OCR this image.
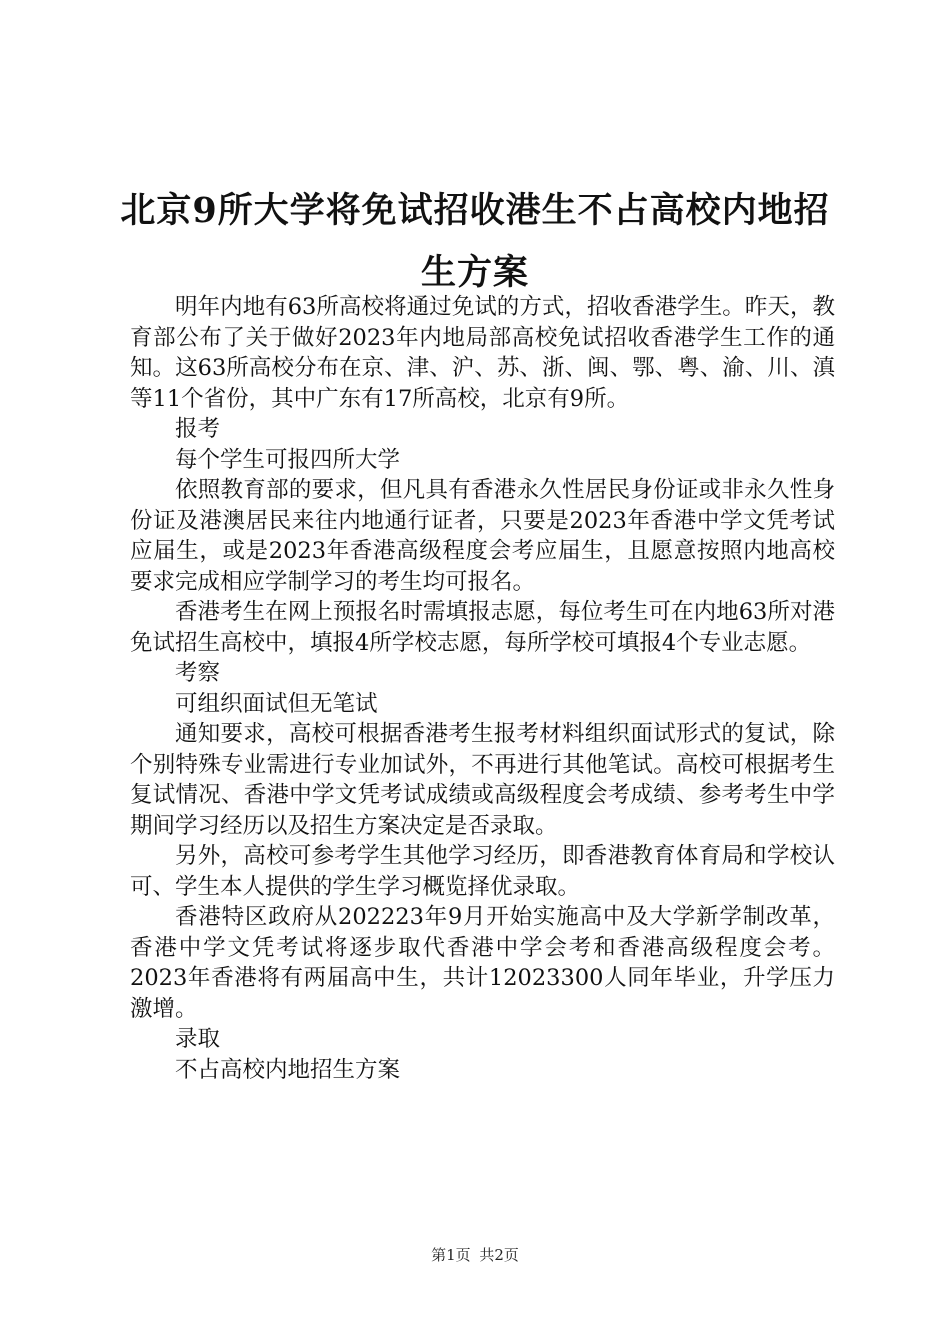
北京9所大学将免试招收港生不占高校内地招
生方案

明年内地有63所高校将通过免试的方式，招收香港学生。昨天，教育部公布了关于做好2023年内地局部高校免试招收香港学生工作的通知。这63所高校分布在京、津、沪、苏、浙、闽、鄂、粤、渝、川、滇等11个省份，其中广东有17所高校，北京有9所。

报考

每个学生可报四所大学

依照教育部的要求，但凡具有香港永久性居民身份证或非永久性身份证及港澳居民来往内地通行证者，只要是2023年香港中学文凭考试应届生，或是2023年香港高级程度会考应届生，且愿意按照内地高校要求完成相应学制学习的考生均可报名。

香港考生在网上预报名时需填报志愿，每位考生可在内地63所对港免试招生高校中，填报4所学校志愿，每所学校可填报4个专业志愿。

考察

可组织面试但无笔试

通知要求，高校可根据香港考生报考材料组织面试形式的复试，除个别特殊专业需进行专业加试外，不再进行其他笔试。高校可根据考生复试情况、香港中学文凭考试成绩或高级程度会考成绩、参考考生中学期间学习经历以及招生方案决定是否录取。

另外，高校可参考学生其他学习经历，即香港教育体育局和学校认可、学生本人提供的学生学习概览择优录取。

香港特区政府从202223年9月开始实施高中及大学新学制改革，香港中学文凭考试将逐步取代香港中学会考和香港高级程度会考。2023年香港将有两届高中生，共计12023300人同年毕业，升学压力激增。

录取

不占高校内地招生方案

第1页 共2页
